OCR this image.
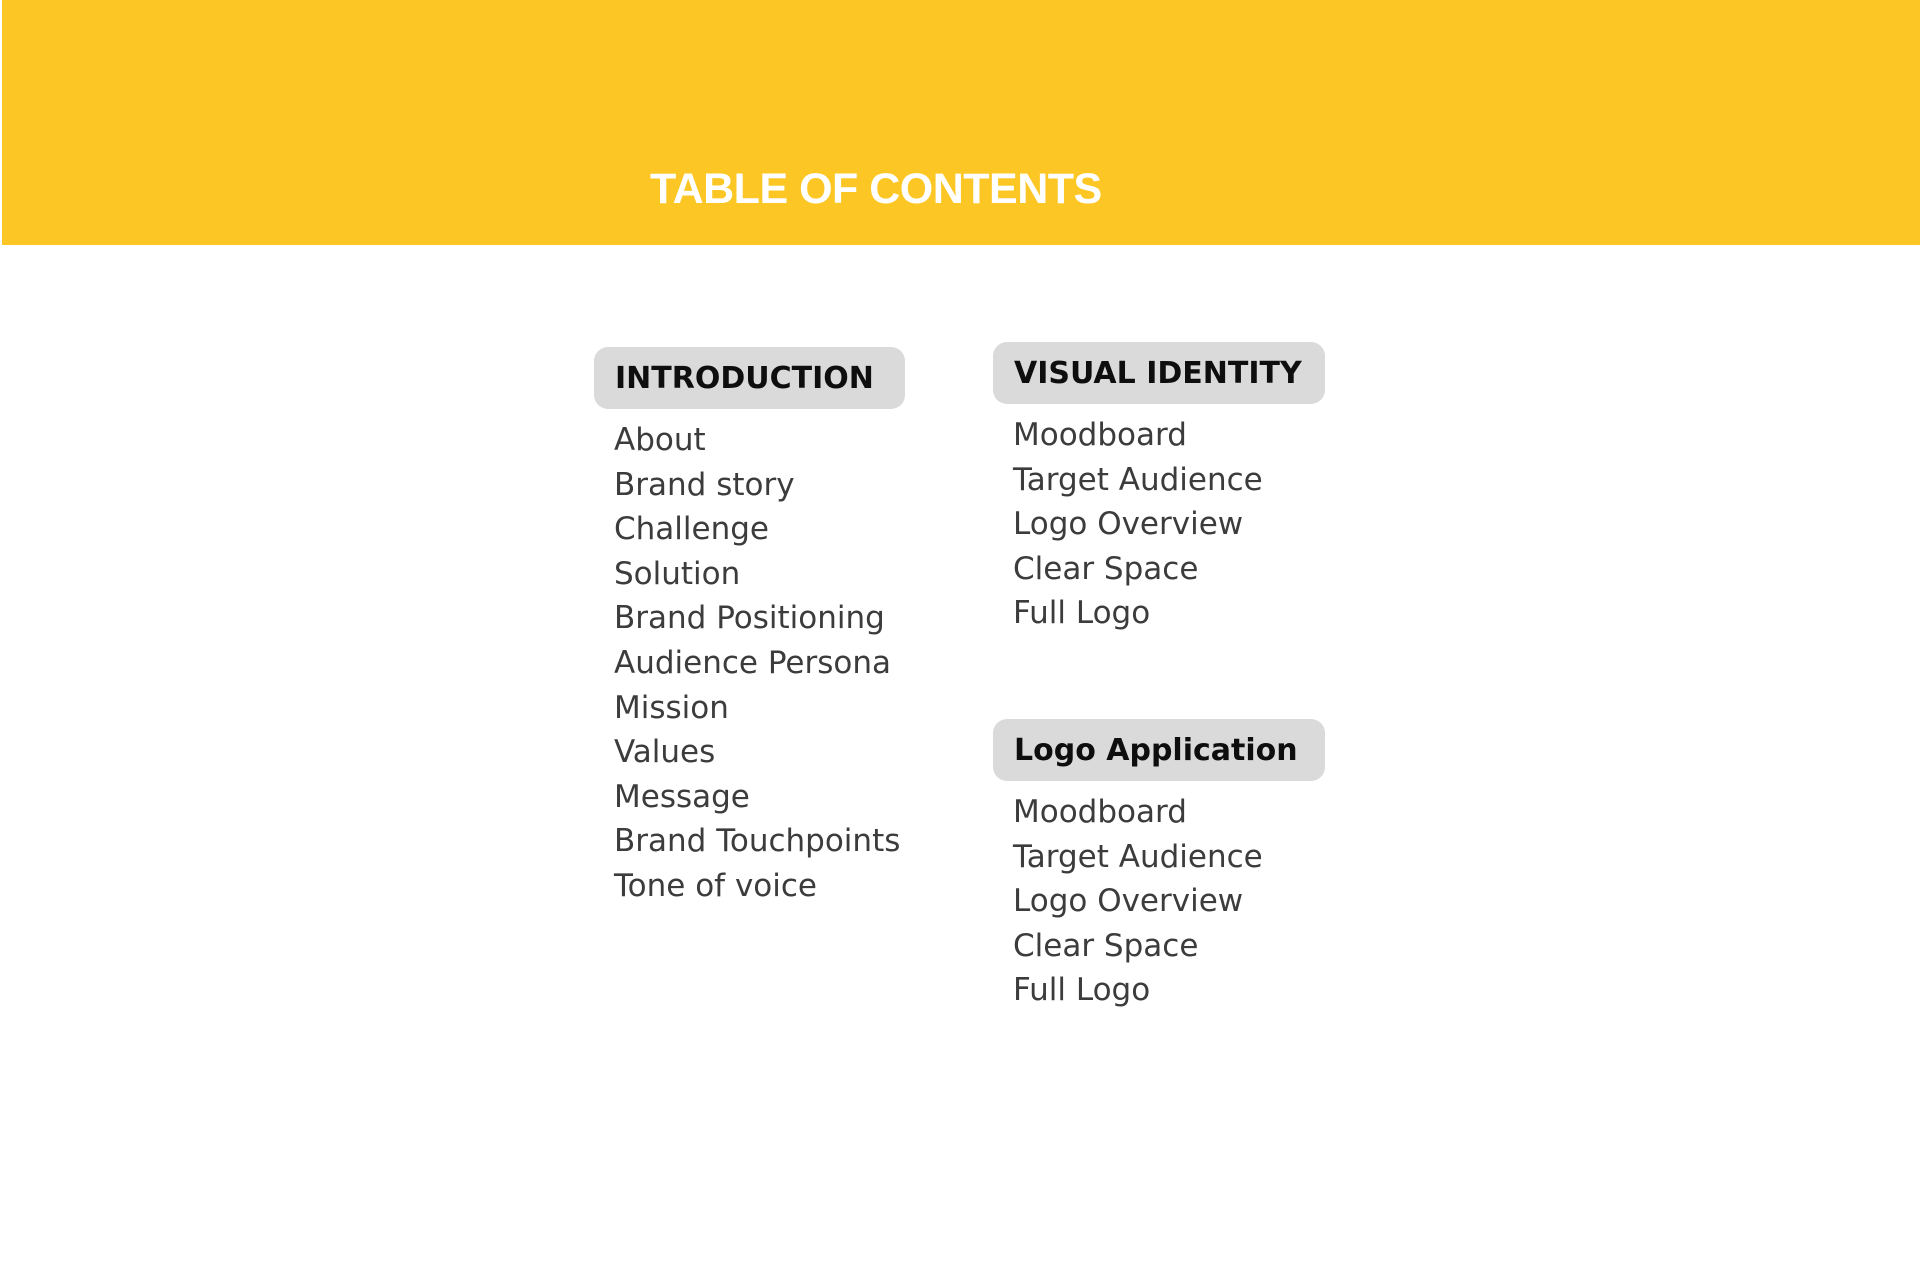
TABLE OF CONTENTS
INTRODUCTION
About
Brand story
Challenge
Solution
Brand Positioning
Audience Persona
Mission
Values
Message
Brand Touchpoints
Tone of voice
VISUAL IDENTITY
Moodboard
Target Audience
Logo Overview
Clear Space
Full Logo
Logo Application
Moodboard
Target Audience
Logo Overview
Clear Space
Full Logo
